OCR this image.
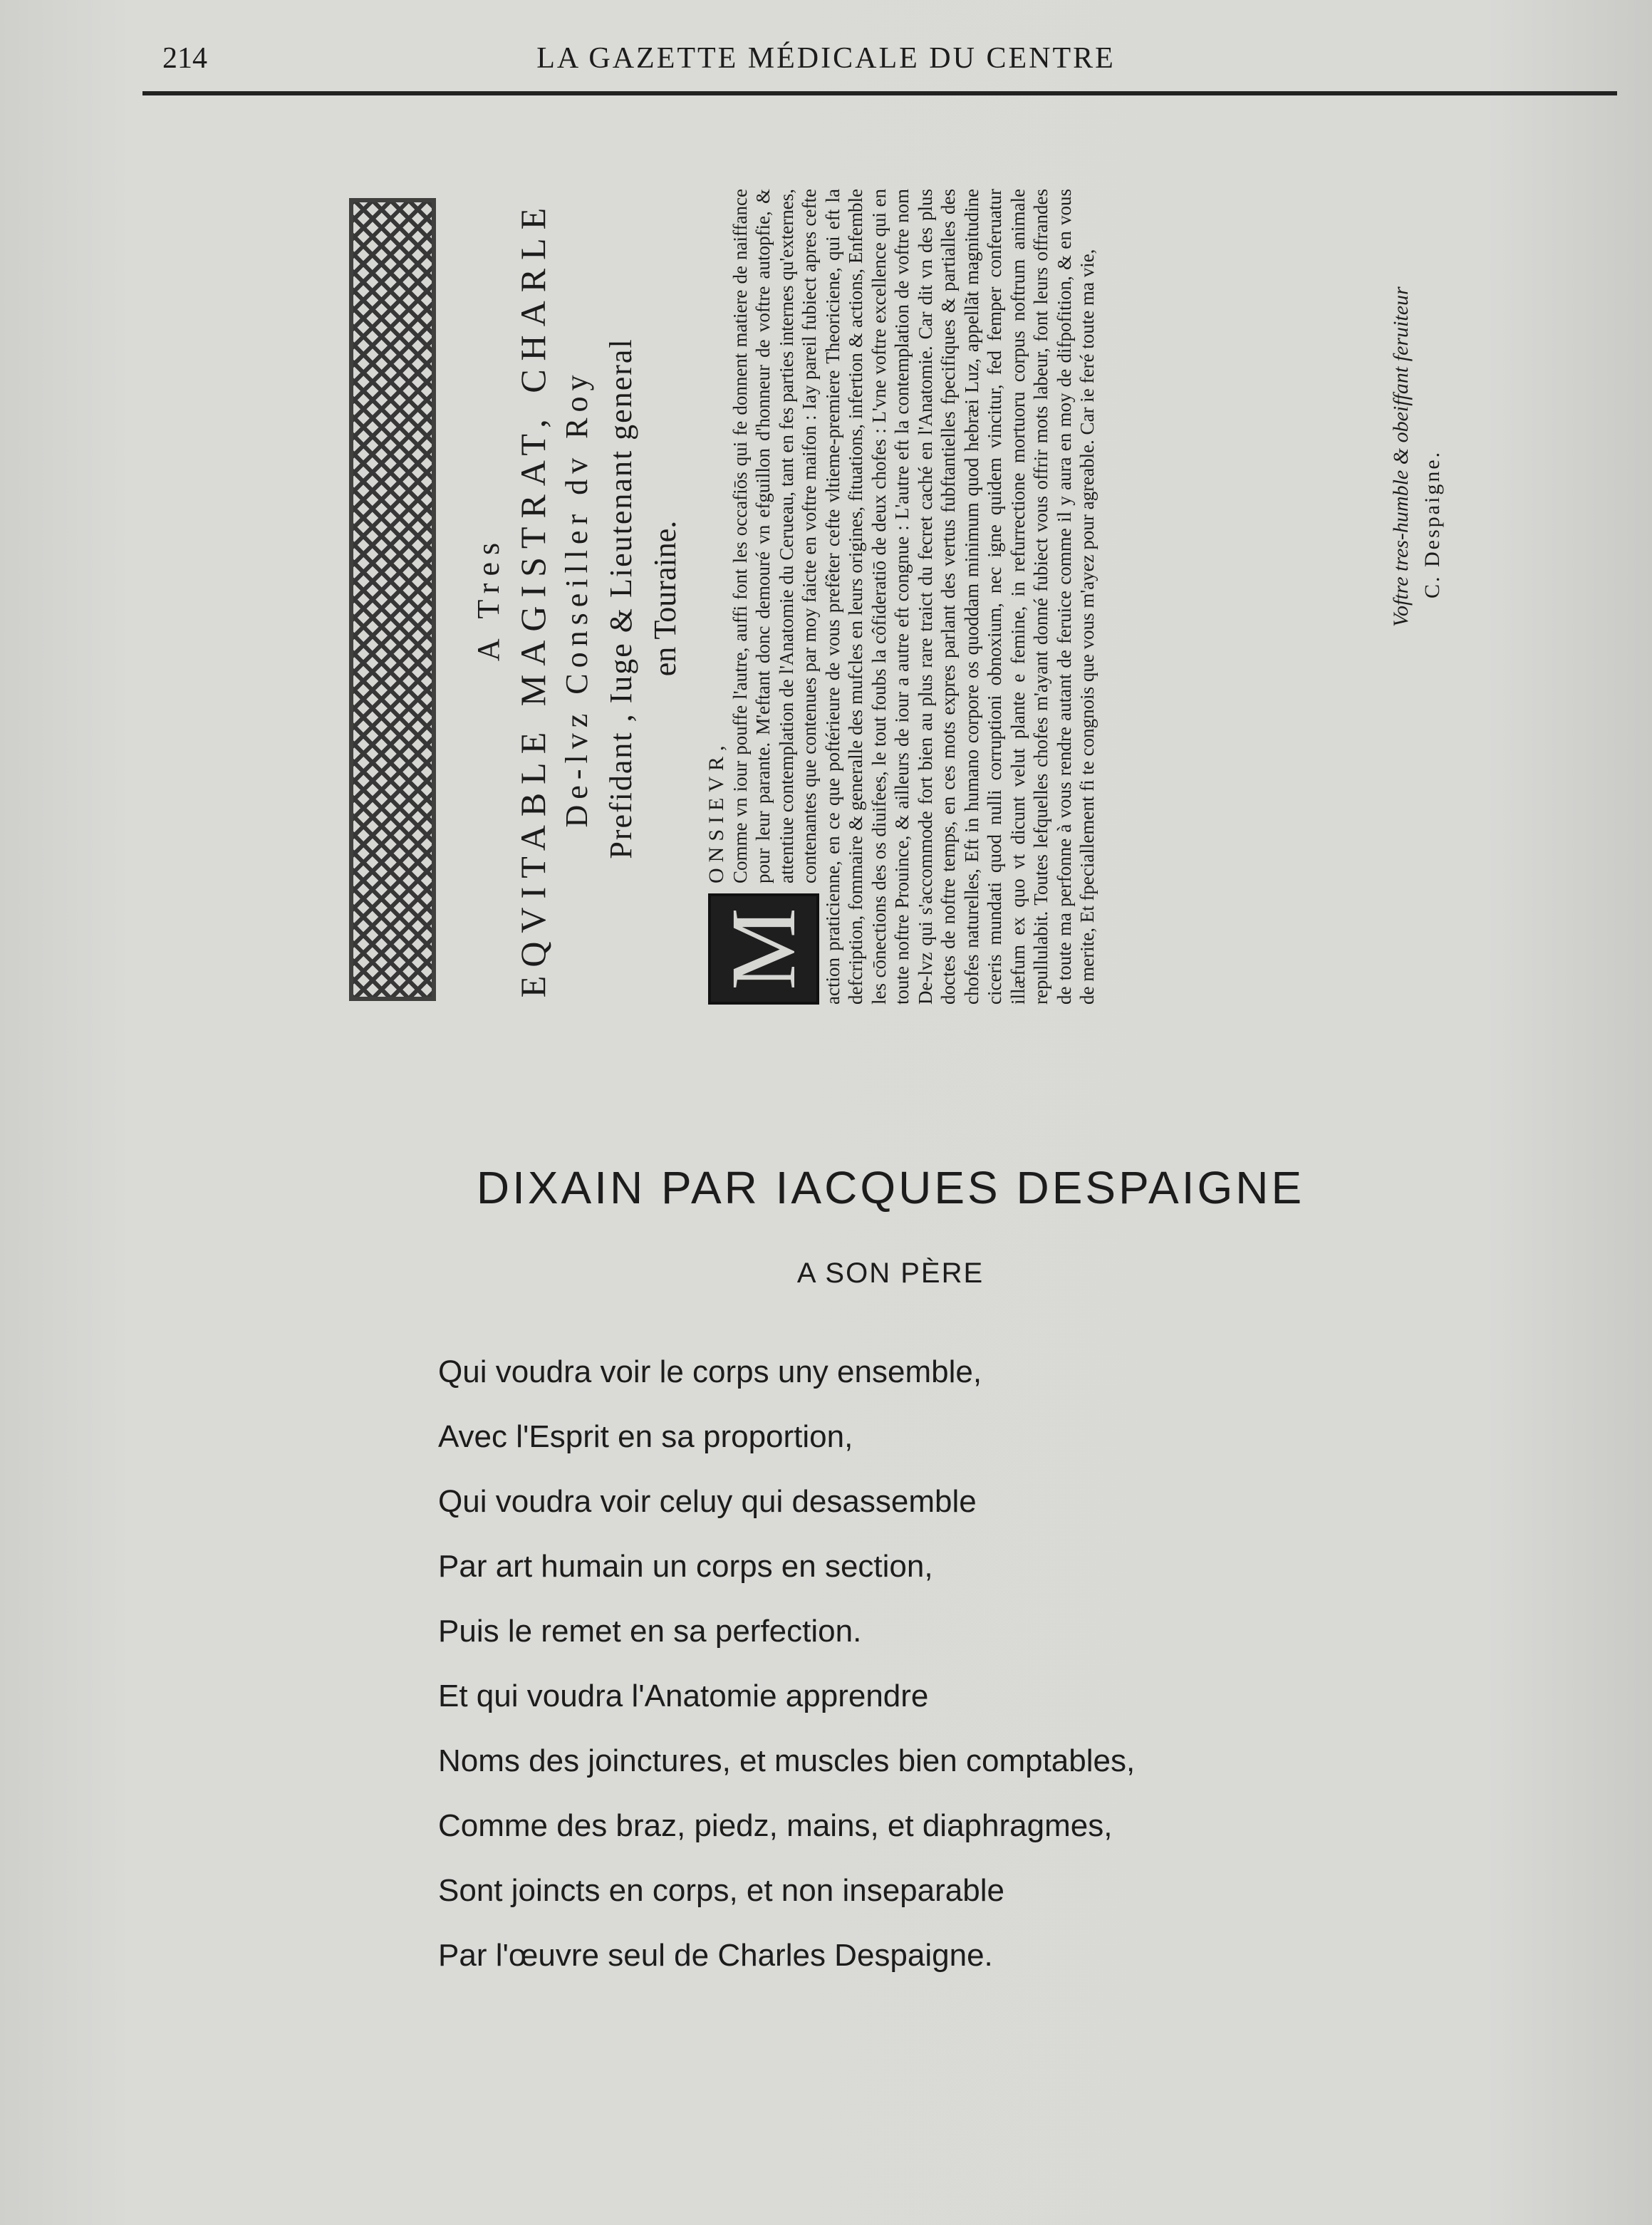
214	LA GAZETTE MÉDICALE DU CENTRE
A Tres EQVITABLE MAGISTRAT, CHARLE De-lvz Conseiller dv Roy Prefidant , Iuge & Lieutenant general en Touraine.
M
ONSIEVR, Comme vn iour pouffe l'autre, auffi font les occafiōs qui fe donnent matiere de naiffance pour leur parante. M'eftant donc demouré vn efguillon d'honneur de voftre autopfie, & attentiue contemplation de l'Anatomie du Cerueau, tant en fes parties internes qu'externes, contenantes que contenues par moy faicte en voftre maifon : Iay pareil fubiect apres cefte action praticienne, en ce que poftérieure de vous prefêter cefte vltieme-premiere Theoriciene, qui eft la defcription, fommaire & generalle des mufcles en leurs origines, fituations, infertion & actions, Enfemble les cōnections des os diuifees, le tout foubs la côfideratiō de deux chofes : L'vne voftre excellence qui en toute noftre Prouince, & ailleurs de iour a autre eft congnue : L'autre eft la contemplation de voftre nom De-lvz qui s'accommode fort bien au plus rare traict du fecret caché en l'Anatomie. Car dit vn des plus doctes de noftre temps, en ces mots expres parlant des vertus fubftantielles fpecifiques & partialles des chofes naturelles, Eft in humano corpore os quoddam minimum quod hebræi Luz, appellãt magnitudine ciceris mundati quod nulli corruptioni obnoxium, nec igne quidem vincitur, fed femper conferuatur illæfum ex quo vt dicunt velut plante e femine, in refurrectione mortuoru corpus noftrum animale repullulabit. Toutes lefquelles chofes m'ayant donné fubiect vous offrir mots labeur, font leurs offrandes de toute ma perfonne à vous rendre autant de feruice comme il y aura en moy de difpofition, & en vous de merite, Et fpeciallement fi te congnois que vous m'ayez pour agreable. Car ie feré toute ma vie,	Voftre tres-humble & obeiffant feruiteur C. Despaigne.
DIXAIN PAR IACQUES DESPAIGNE
A SON PÈRE
Qui voudra voir le corps uny ensemble,
Avec l'Esprit en sa proportion,
Qui voudra voir celuy qui desassemble
Par art humain un corps en section,
Puis le remet en sa perfection.
Et qui voudra l'Anatomie apprendre
Noms des joinctures, et muscles bien comptables,
Comme des braz, piedz, mains, et diaphragmes,
Sont joincts en corps, et non inseparable
Par l'œuvre seul de Charles Despaigne.
